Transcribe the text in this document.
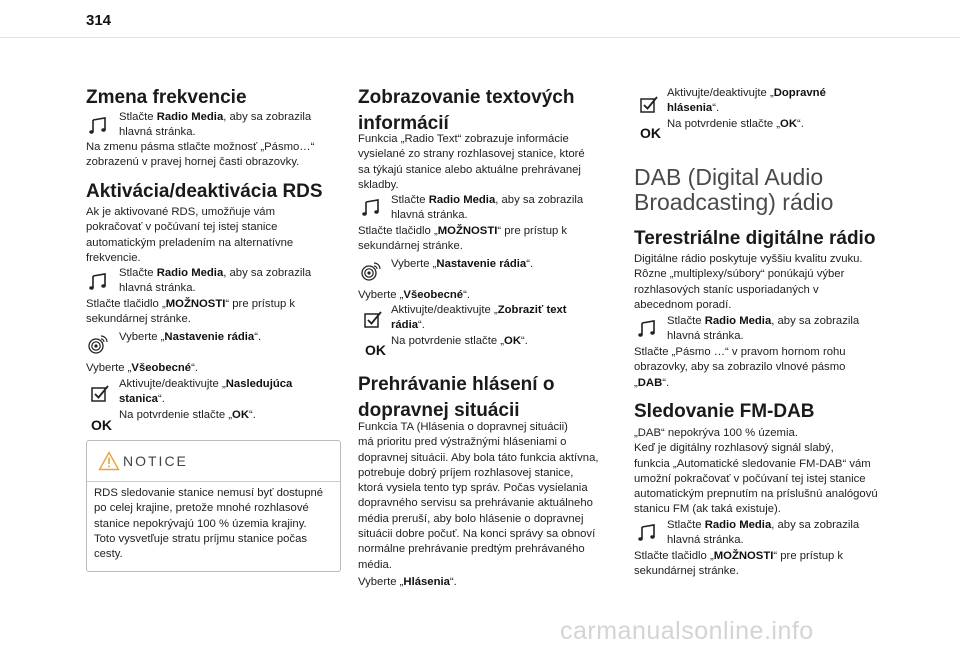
314
Zmena frekvencie
Stlačte Radio Media, aby sa zobrazila
hlavná stránka.
Na zmenu pásma stlačte možnosť „Pásmo…“
zobrazenú v pravej hornej časti obrazovky.
Aktivácia/deaktivácia RDS
Ak je aktivované RDS, umožňuje vám
pokračovať v počúvaní tej istej stanice
automatickým preladením na alternatívne
frekvencie.
Stlačte Radio Media, aby sa zobrazila
hlavná stránka.
Stlačte tlačidlo „MOŽNOSTI“ pre prístup k
sekundárnej stránke.
Vyberte „Nastavenie rádia“.
Vyberte „Všeobecné“.
Aktivujte/deaktivujte „Nasledujúca
stanica“.
OK
Na potvrdenie stlačte „OK“.
NOTICE
RDS sledovanie stanice nemusí byť dostupné
po celej krajine, pretože mnohé rozhlasové
stanice nepokrývajú 100 % územia krajiny.
Toto vysvetľuje stratu príjmu stanice počas
cesty.
Zobrazovanie textových
informácií
Funkcia „Radio Text“ zobrazuje informácie
vysielané zo strany rozhlasovej stanice, ktoré
sa týkajú stanice alebo aktuálne prehrávanej
skladby.
Stlačte Radio Media, aby sa zobrazila
hlavná stránka.
Stlačte tlačidlo „MOŽNOSTI“ pre prístup k
sekundárnej stránke.
Vyberte „Nastavenie rádia“.
Vyberte „Všeobecné“.
Aktivujte/deaktivujte „Zobraziť text
rádia“.
OK
Na potvrdenie stlačte „OK“.
Prehrávanie hlásení o
dopravnej situácii
Funkcia TA (Hlásenia o dopravnej situácii)
má prioritu pred výstražnými hláseniami o
dopravnej situácii. Aby bola táto funkcia aktívna,
potrebuje dobrý príjem rozhlasovej stanice,
ktorá vysiela tento typ správ. Počas vysielania
dopravného servisu sa prehrávanie aktuálneho
média preruší, aby bolo hlásenie o dopravnej
situácii dobre počuť. Na konci správy sa obnoví
normálne prehrávanie predtým prehrávaného
média.
Vyberte „Hlásenia“.
Aktivujte/deaktivujte „Dopravné
hlásenia“.
OK
Na potvrdenie stlačte „OK“.
DAB (Digital Audio
Broadcasting) rádio
Terestriálne digitálne rádio
Digitálne rádio poskytuje vyššiu kvalitu zvuku.
Rôzne „multiplexy/súbory“ ponúkajú výber
rozhlasových staníc usporiadaných v
abecednom poradí.
Stlačte Radio Media, aby sa zobrazila
hlavná stránka.
Stlačte „Pásmo …“ v pravom hornom rohu
obrazovky, aby sa zobrazilo vlnové pásmo
„DAB“.
Sledovanie FM-DAB
„DAB“ nepokrýva 100 % územia.
Keď je digitálny rozhlasový signál slabý,
funkcia „Automatické sledovanie FM-DAB“ vám
umožní pokračovať v počúvaní tej istej stanice
automatickým prepnutím na príslušnú analógovú
stanicu FM (ak taká existuje).
Stlačte Radio Media, aby sa zobrazila
hlavná stránka.
Stlačte tlačidlo „MOŽNOSTI“ pre prístup k
sekundárnej stránke.
carmanualsonline.info
